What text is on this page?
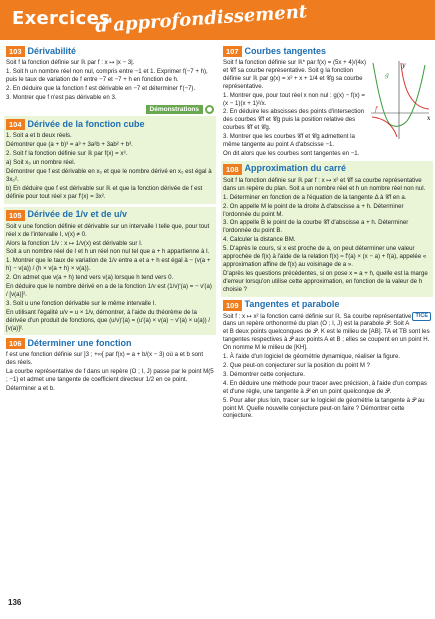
Exercices
d'approfondissement
103 Dérivabilité

Soit f la fonction définie sur ℝ par f : x ↦ |x − 3|.

1. Soit h un nombre réel non nul, compris entre −1 et 1. Exprimer f(−7 + h), puis le taux de variation de f entre −7 et −7 + h en fonction de h.

2. En déduire que la fonction f est dérivable en −7 et déterminer f′(−7).

3. Montrer que f n'est pas dérivable en 3.

Démonstrations
104 Dérivée de la fonction cube

1. Soit a et b deux réels.

Démontrer que (a + b)³ = a³ + 3a²b + 3ab² + b³.

2. Soit f la fonction définie sur ℝ par f(x) = x³.

a) Soit x₀ un nombre réel.

Démontrer que f est dérivable en x₀ et que le nombre dérivé en x₀ est égal à 3x₀².

b) En déduire que f est dérivable sur ℝ et que la fonction dérivée de f est définie pour tout réel x par f′(x) = 3x².

105 Dérivée de 1/v et de u/v

Soit v une fonction définie et dérivable sur un intervalle I telle que, pour tout réel x de l'intervalle I, v(x) ≠ 0.

Alors la fonction 1/v : x ↦ 1/v(x) est dérivable sur I.

Soit a un nombre réel de I et h un réel non nul tel que a + h appartienne à I.

1. Montrer que le taux de variation de 1/v entre a et a + h est égal à − (v(a + h) − v(a)) / (h × v(a + h) × v(a)).

2. On admet que v(a + h) tend vers v(a) lorsque h tend vers 0.

En déduire que le nombre dérivé en a de la fonction 1/v est (1/v)′(a) = − v′(a) / [v(a)]².

3. Soit u une fonction dérivable sur le même intervalle I.

En utilisant l'égalité u/v = u × 1/v, démontrer, à l'aide du théorème de la dérivée d'un produit de fonctions, que (u/v)′(a) = (u′(a) × v(a) − v′(a) × u(a)) / [v(a)]².

106 Déterminer une fonction

f est une fonction définie sur ]3 ; +∞[ par f(x) = a + b/(x − 3) où a et b sont des réels.

La courbe représentative de f dans un repère (O ; I, J) passe par le point M(5 ; −1) et admet une tangente de coefficient directeur 1/2 en ce point.

Déterminer a et b.

107 Courbes tangentes
x
y
f
g

Soit f la fonction définie sur ℝ* par f(x) = (5x + 4)/(4x) et 𝒞f sa courbe représentative. Soit g la fonction définie sur ℝ par g(x) = x² + x + 1/4 et 𝒞g sa courbe représentative.

1. Montrer que, pour tout réel x non nul : g(x) − f(x) = (x − 1)(x + 1)²/x.

2. En déduire les abscisses des points d'intersection des courbes 𝒞f et 𝒞g puis la position relative des courbes 𝒞f et 𝒞g.

3. Montrer que les courbes 𝒞f et 𝒞g admettent la même tangente au point A d'abscisse −1.

On dit alors que les courbes sont tangentes en −1.

108 Approximation du carré

Soit f la fonction définie sur ℝ par f : x ↦ x² et 𝒞f sa courbe représentative dans un repère du plan. Soit a un nombre réel et h un nombre réel non nul.

1. Déterminer en fonction de a l'équation de la tangente Δ à 𝒞f en a.

2. On appelle M le point de la droite Δ d'abscisse a + h. Déterminer l'ordonnée du point M.

3. On appelle B le point de la courbe 𝒞f d'abscisse a + h. Déterminer l'ordonnée du point B.

4. Calculer la distance BM.

5. D'après le cours, si x est proche de a, on peut déterminer une valeur approchée de f(x) à l'aide de la relation f(x) ≈ f′(a) × (x − a) + f(a), appelée « approximation affine de f(x) au voisinage de a ».

D'après les questions précédentes, si on pose x = a + h, quelle est la marge d'erreur lorsqu'on utilise cette approximation, en fonction de la valeur de h choisie ?

109 Tangentes et parabole
TICE

Soit f : x ↦ x² la fonction carré définie sur ℝ. Sa courbe représentative dans un repère orthonormé du plan (O ; I, J) est la parabole 𝒫. Soit A et B deux points quelconques de 𝒫. K est le milieu de [AB]. TA et TB sont les tangentes respectives à 𝒫 aux points A et B ; elles se coupent en un point H. On nomme M le milieu de [KH].

1. À l'aide d'un logiciel de géométrie dynamique, réaliser la figure.

2. Que peut-on conjecturer sur la position du point M ?

3. Démontrer cette conjecture.

4. En déduire une méthode pour tracer avec précision, à l'aide d'un compas et d'une règle, une tangente à 𝒫 en un point quelconque de 𝒫.

5. Pour aller plus loin, tracer sur le logiciel de géométrie la tangente à 𝒫 au point M. Quelle nouvelle conjecture peut-on faire ? Démontrer cette conjecture.

136
